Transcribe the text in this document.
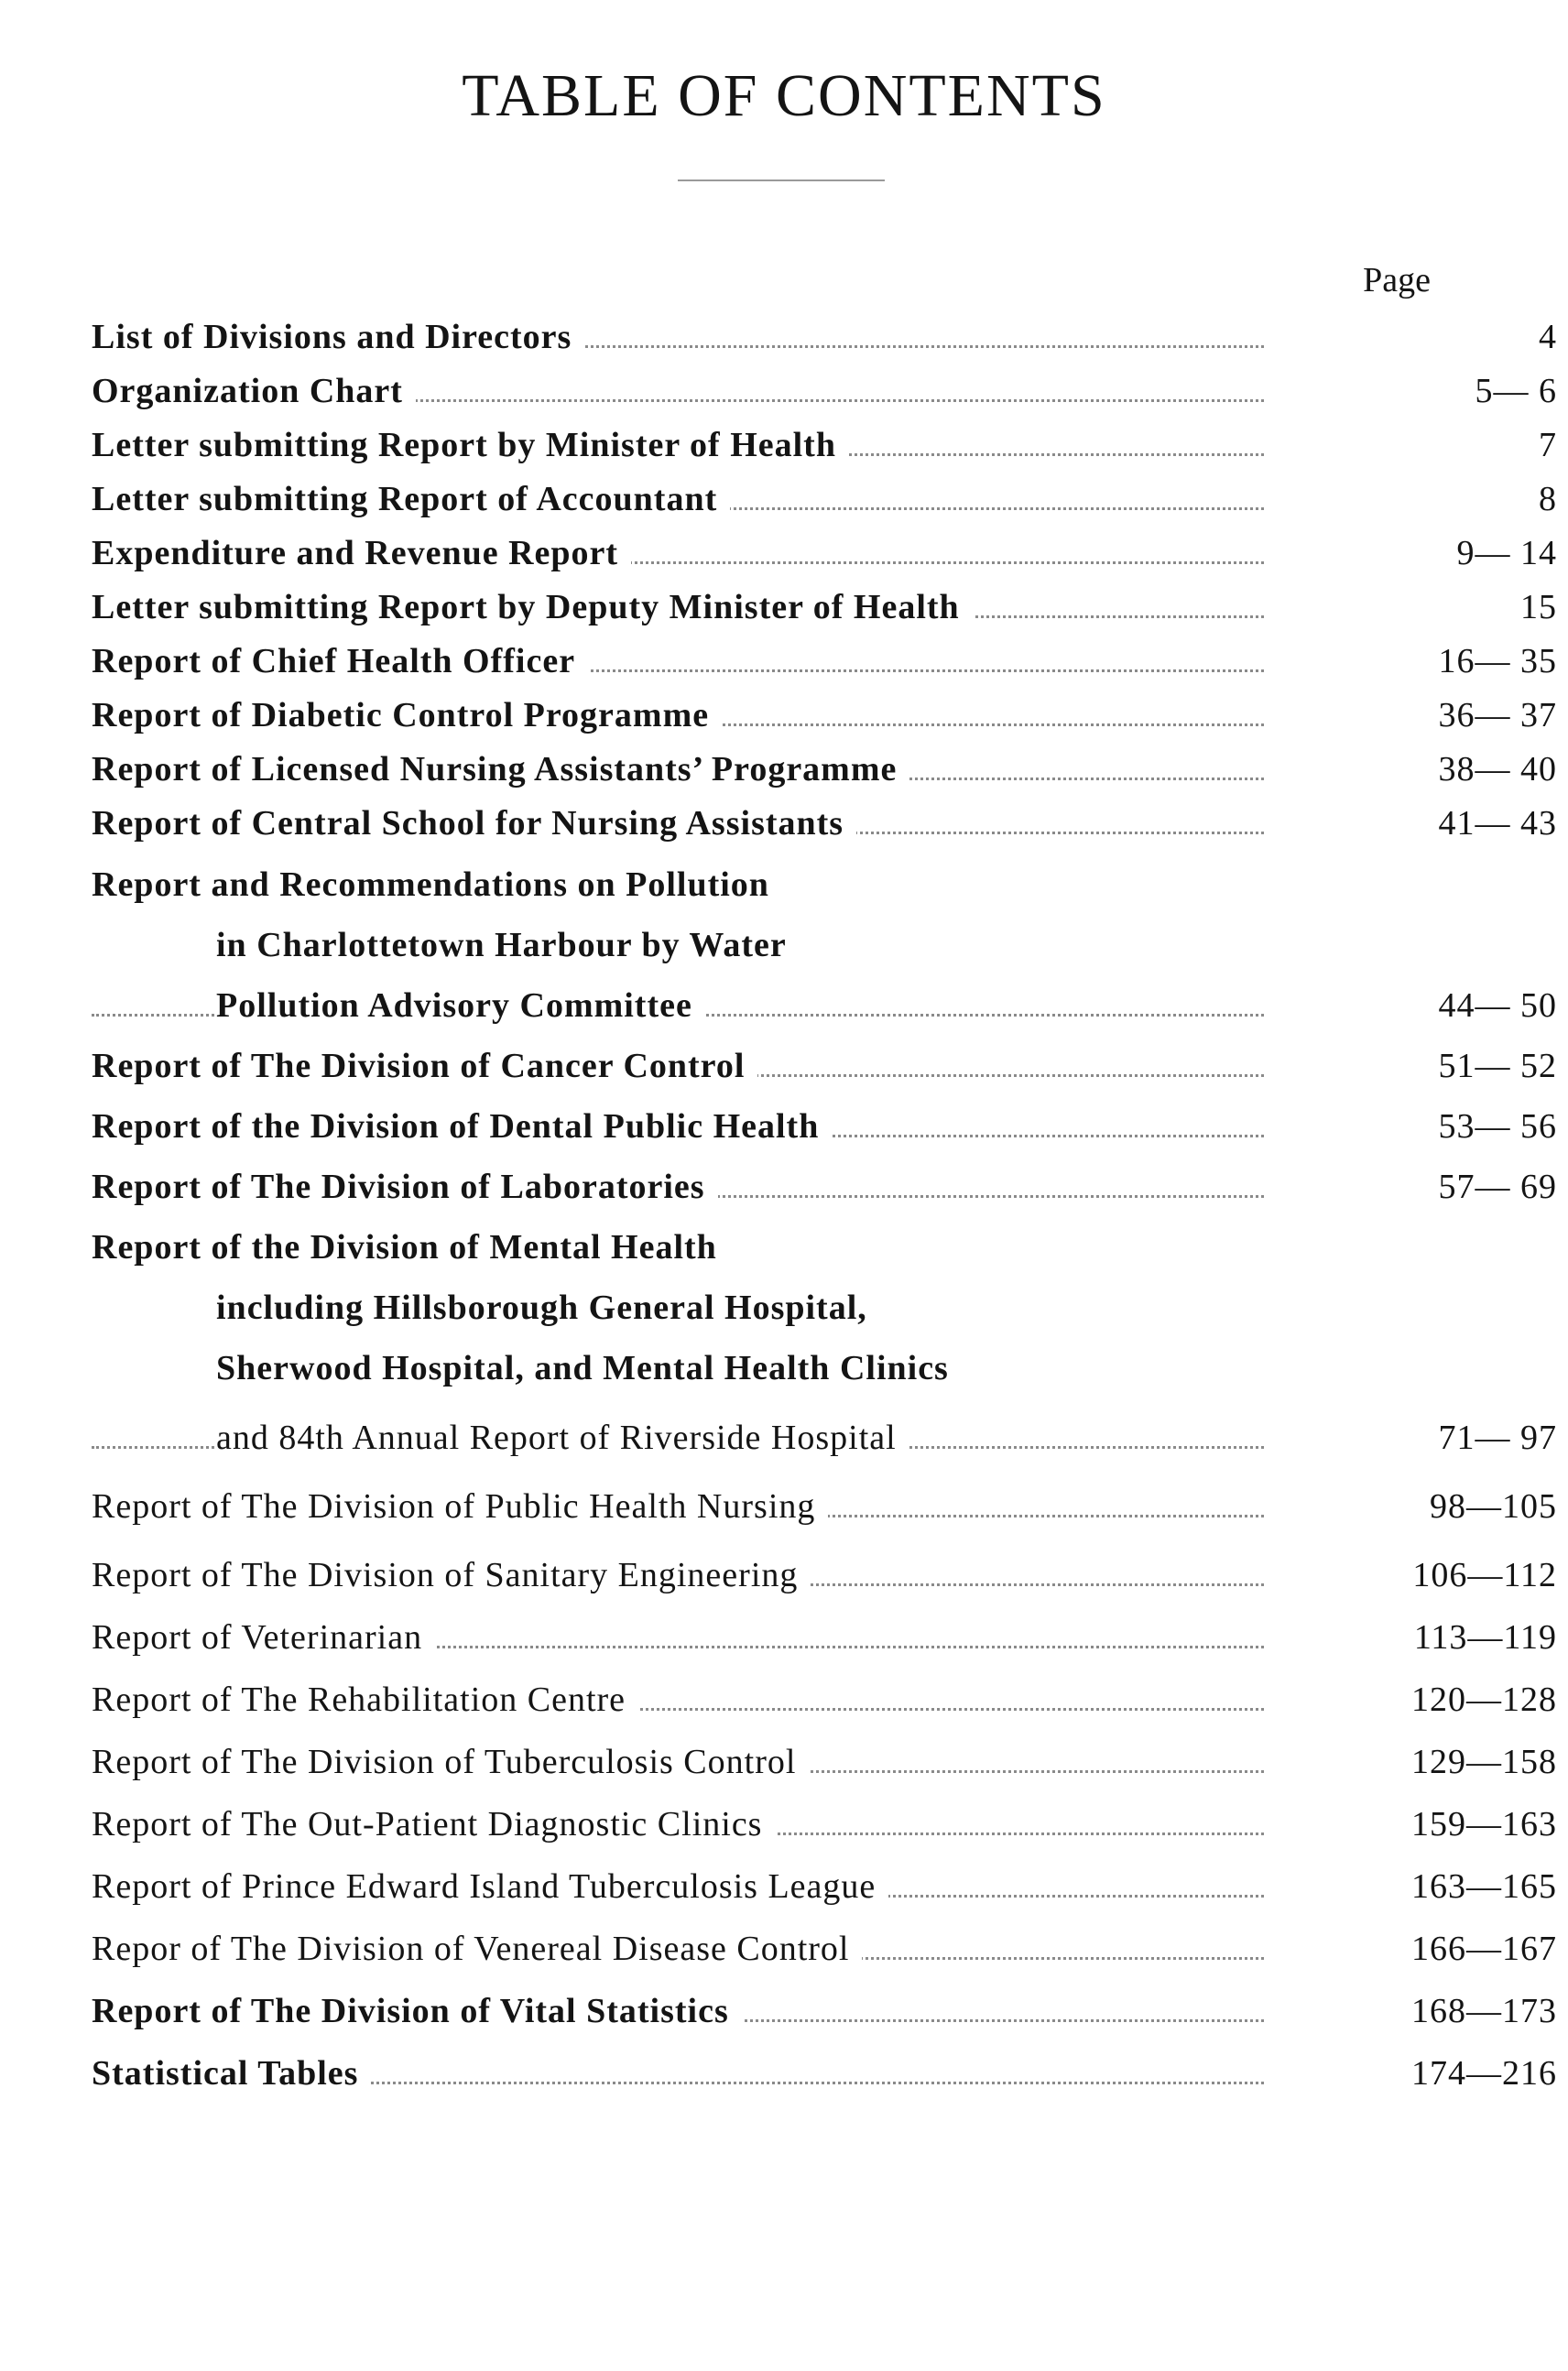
TABLE OF CONTENTS
Page
List of Divisions and Directors	4
Organization Chart	5— 6
Letter submitting Report by Minister of Health	7
Letter submitting Report of Accountant	8
Expenditure and Revenue Report	9— 14
Letter submitting Report by Deputy Minister of Health	15
Report of Chief Health Officer	16— 35
Report of Diabetic Control Programme	36— 37
Report of Licensed Nursing Assistants’ Programme	38— 40
Report of Central School for Nursing Assistants	41— 43
Report and Recommendations on Pollution
in Charlottetown Harbour by Water
Pollution Advisory Committee	44— 50
Report of The Division of Cancer Control	51— 52
Report of the Division of Dental Public Health	53— 56
Report of The Division of Laboratories	57— 69
Report of the Division of Mental Health
including Hillsborough General Hospital,
Sherwood Hospital, and Mental Health Clinics
and 84th Annual Report of Riverside Hospital	71— 97
Report of The Division of Public Health Nursing	98—105
Report of The Division of Sanitary Engineering	106—112
Report of Veterinarian	113—119
Report of The Rehabilitation Centre	120—128
Report of The Division of Tuberculosis Control	129—158
Report of The Out-Patient Diagnostic Clinics	159—163
Report of Prince Edward Island Tuberculosis League	163—165
Repor of The Division of Venereal Disease Control	166—167
Report of The Division of Vital Statistics	168—173
Statistical Tables	174—216
